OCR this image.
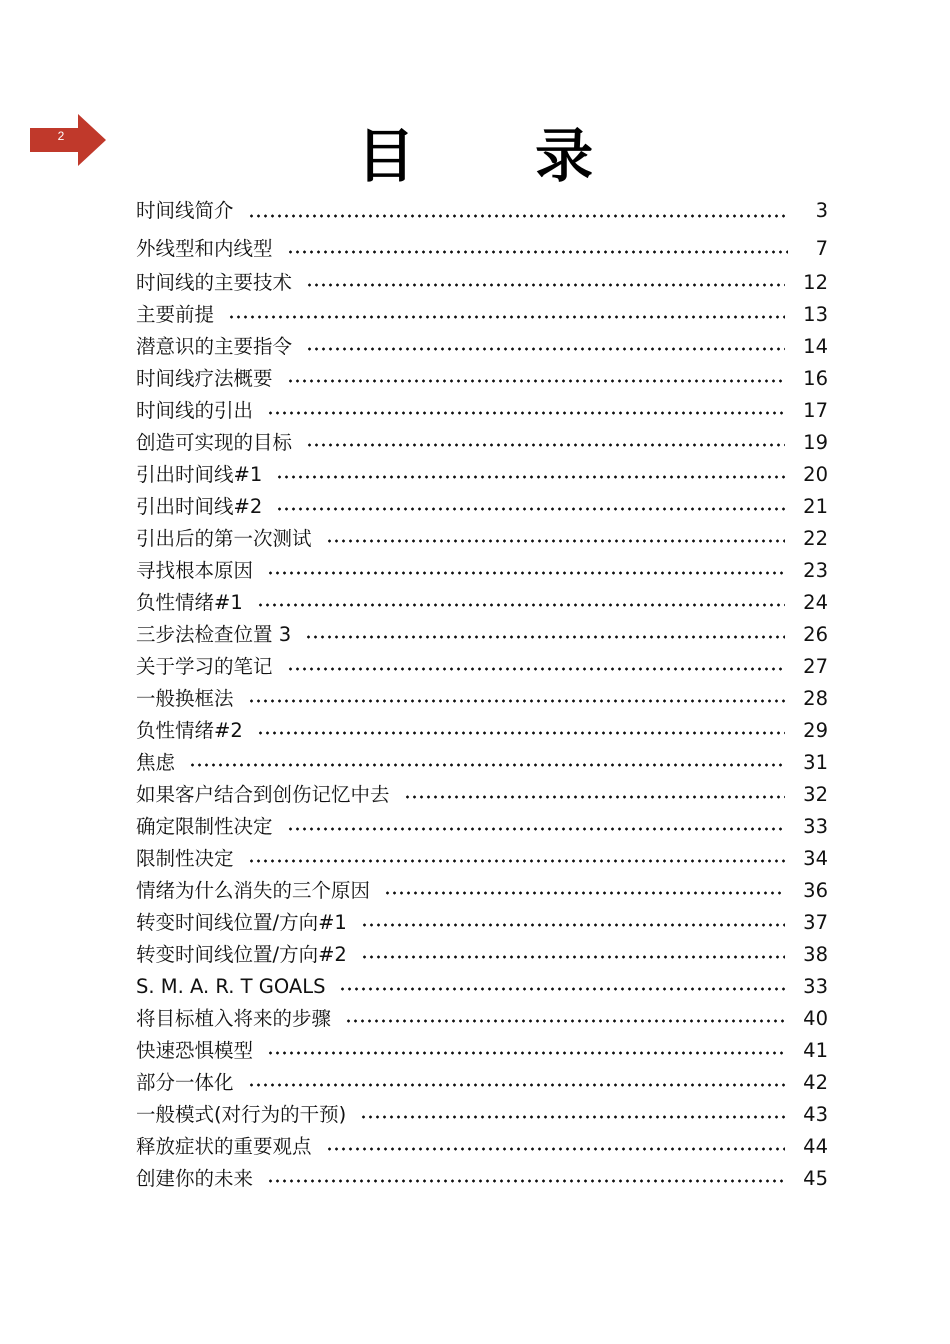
2	目 录
时间线简介	3
外线型和内线型	7
时间线的主要技术	12
主要前提	13
潜意识的主要指令	14
时间线疗法概要	16
时间线的引出	17
创造可实现的目标	19
引出时间线#1	20
引出时间线#2	21
引出后的第一次测试	22
寻找根本原因	23
负性情绪#1	24
三步法检查位置 3	26
关于学习的笔记	27
一般换框法	28
负性情绪#2	29
焦虑	31
如果客户结合到创伤记忆中去	32
确定限制性决定	33
限制性决定	34
情绪为什么消失的三个原因	36
转变时间线位置/方向#1	37
转变时间线位置/方向#2	38
S. M. A. R. T GOALS	33
将目标植入将来的步骤	40
快速恐惧模型	41
部分一体化	42
一般模式(对行为的干预)	43
释放症状的重要观点	44
创建你的未来	45
